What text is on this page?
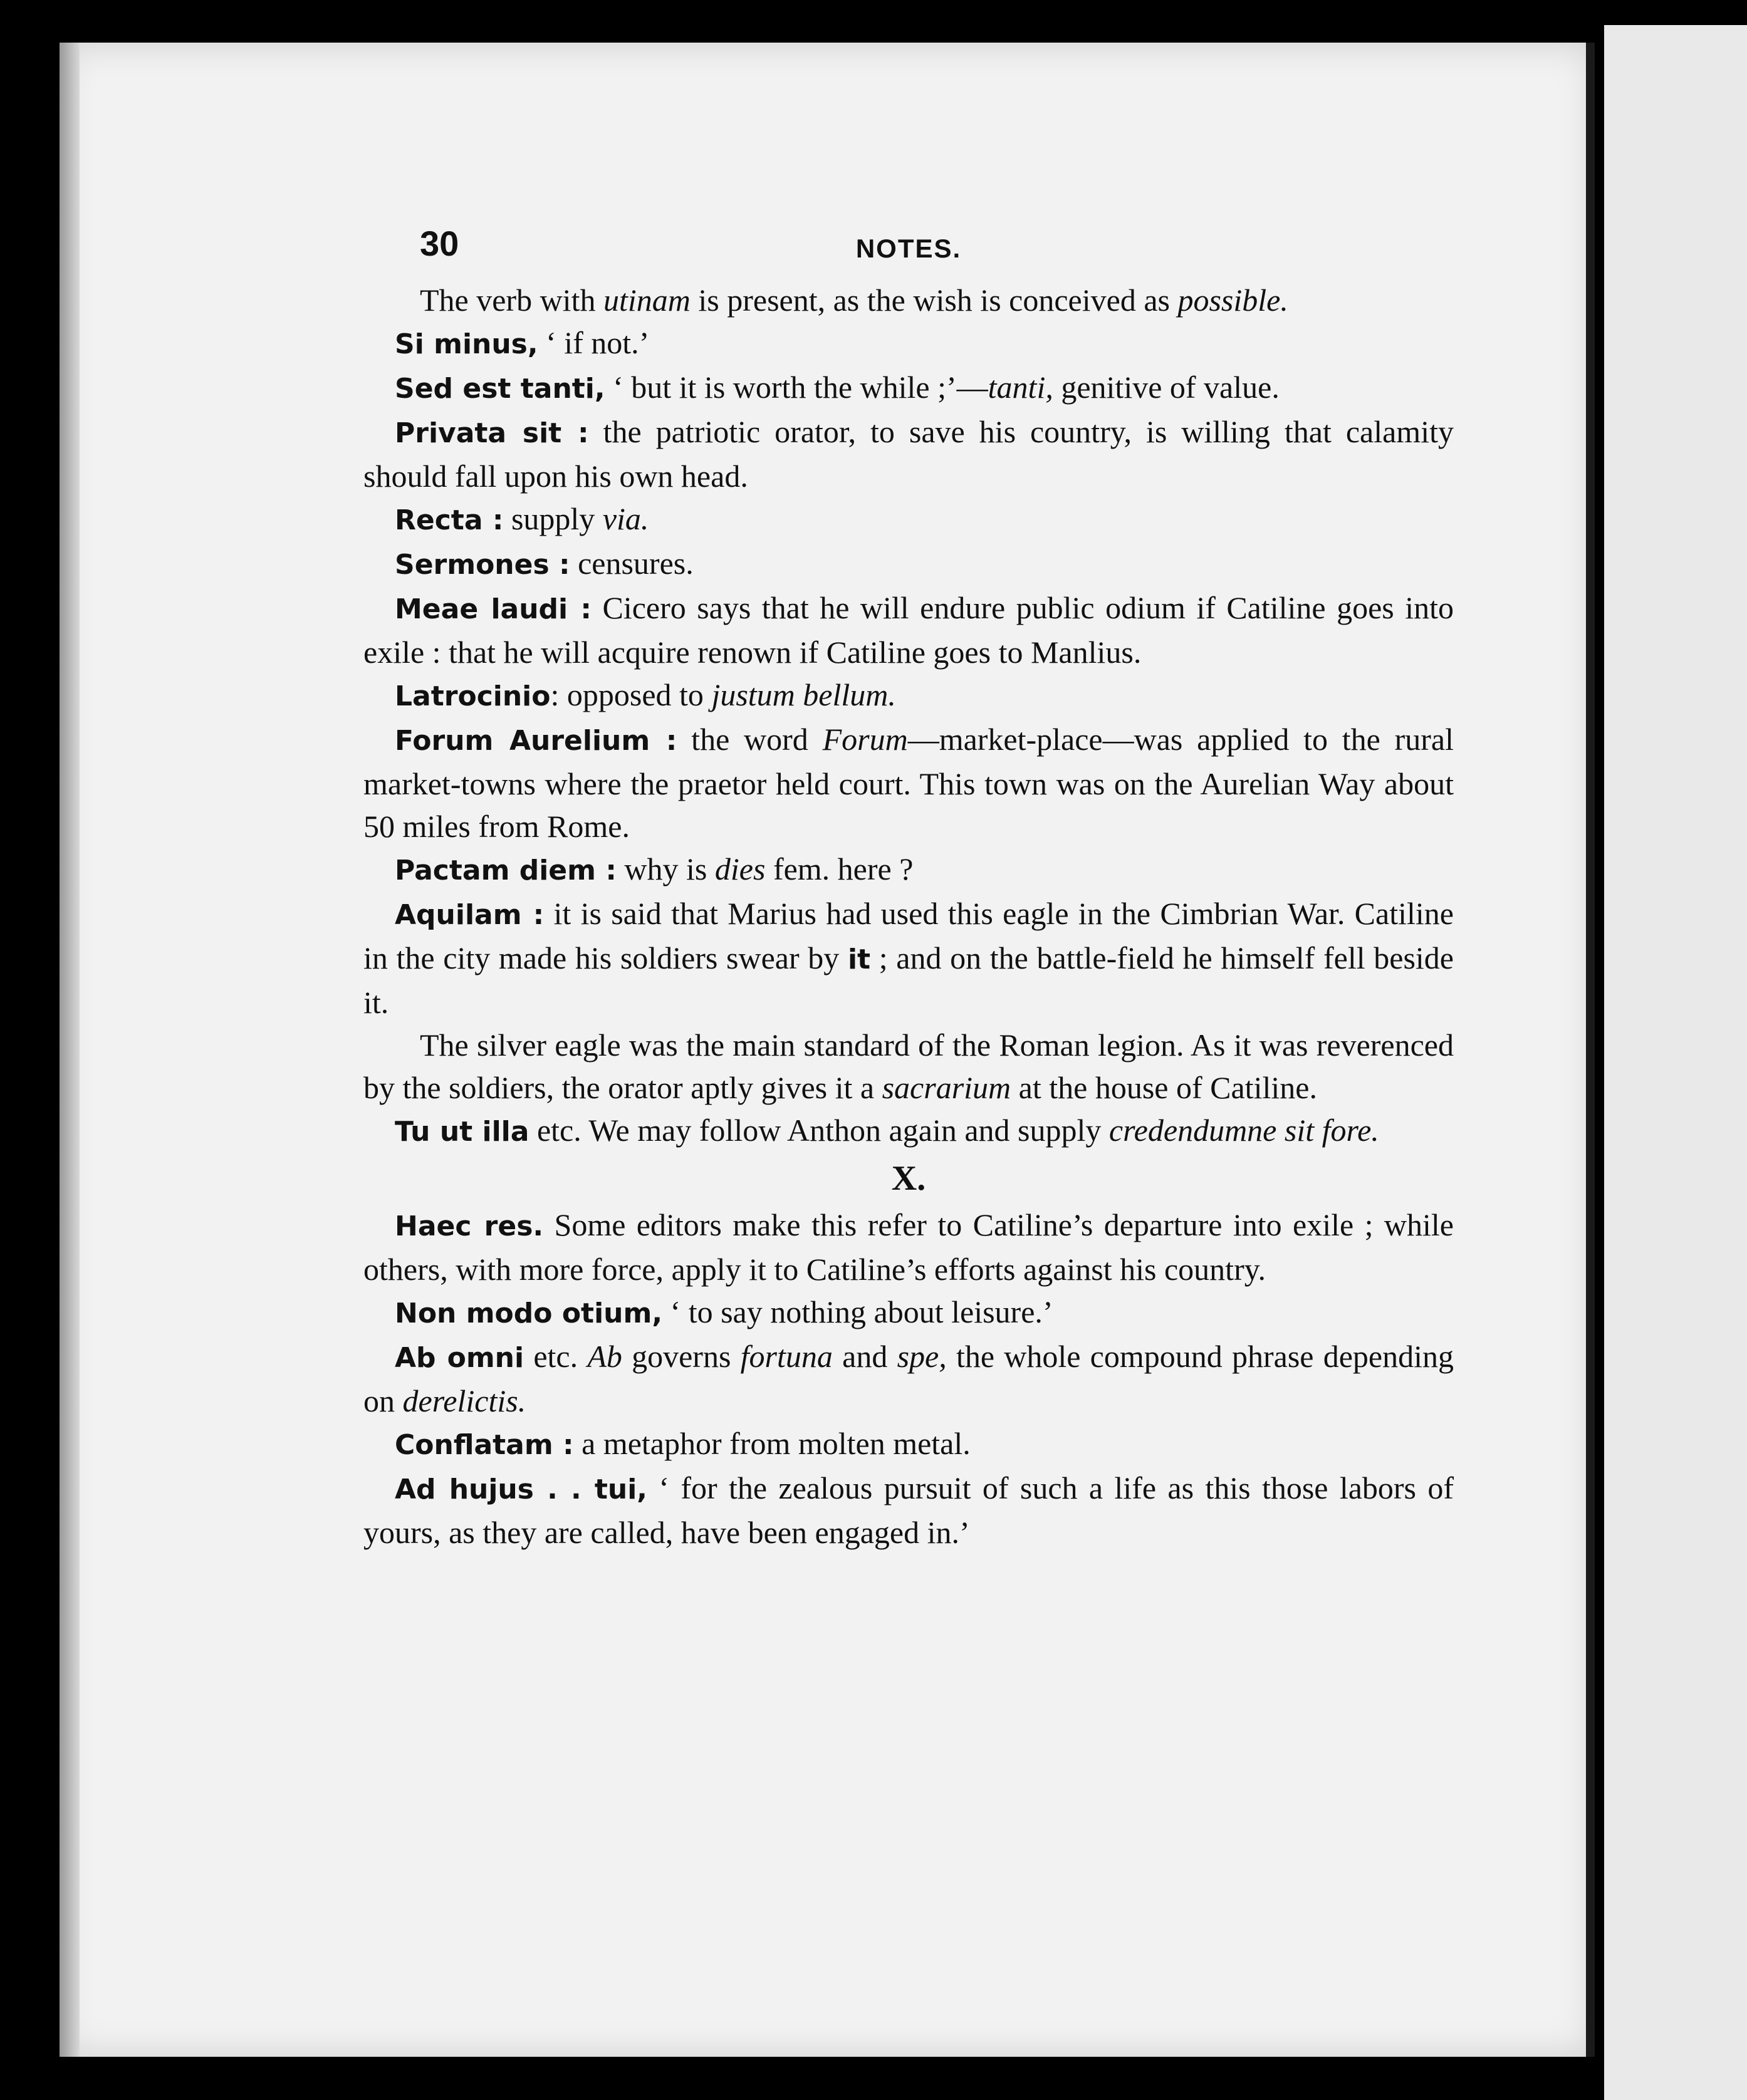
30	NOTES.

The verb with utinam is present, as the wish is conceived as possible.

Si minus, ‘ if not.’

Sed est tanti, ‘ but it is worth the while ;’—tanti, genitive of value.

Privata sit : the patriotic orator, to save his country, is willing that calamity should fall upon his own head.

Recta : supply via.

Sermones : censures.

Meae laudi : Cicero says that he will endure public odium if Catiline goes into exile : that he will acquire renown if Catiline goes to Manlius.

Latrocinio: opposed to justum bellum.

Forum Aurelium : the word Forum—market-place—was applied to the rural market-towns where the praetor held court. This town was on the Aurelian Way about 50 miles from Rome.

Pactam diem : why is dies fem. here ?

Aquilam : it is said that Marius had used this eagle in the Cimbrian War. Catiline in the city made his soldiers swear by it ; and on the battle-field he himself fell beside it.

The silver eagle was the main standard of the Roman legion. As it was reverenced by the soldiers, the orator aptly gives it a sacrarium at the house of Catiline.

Tu ut illa etc. We may follow Anthon again and supply credendumne sit fore.

X.

Haec res. Some editors make this refer to Catiline’s departure into exile ; while others, with more force, apply it to Catiline’s efforts against his country.

Non modo otium, ‘ to say nothing about leisure.’

Ab omni etc. Ab governs fortuna and spe, the whole compound phrase depending on derelictis.

Conflatam : a metaphor from molten metal.

Ad hujus . . tui, ‘ for the zealous pursuit of such a life as this those labors of yours, as they are called, have been engaged in.’
